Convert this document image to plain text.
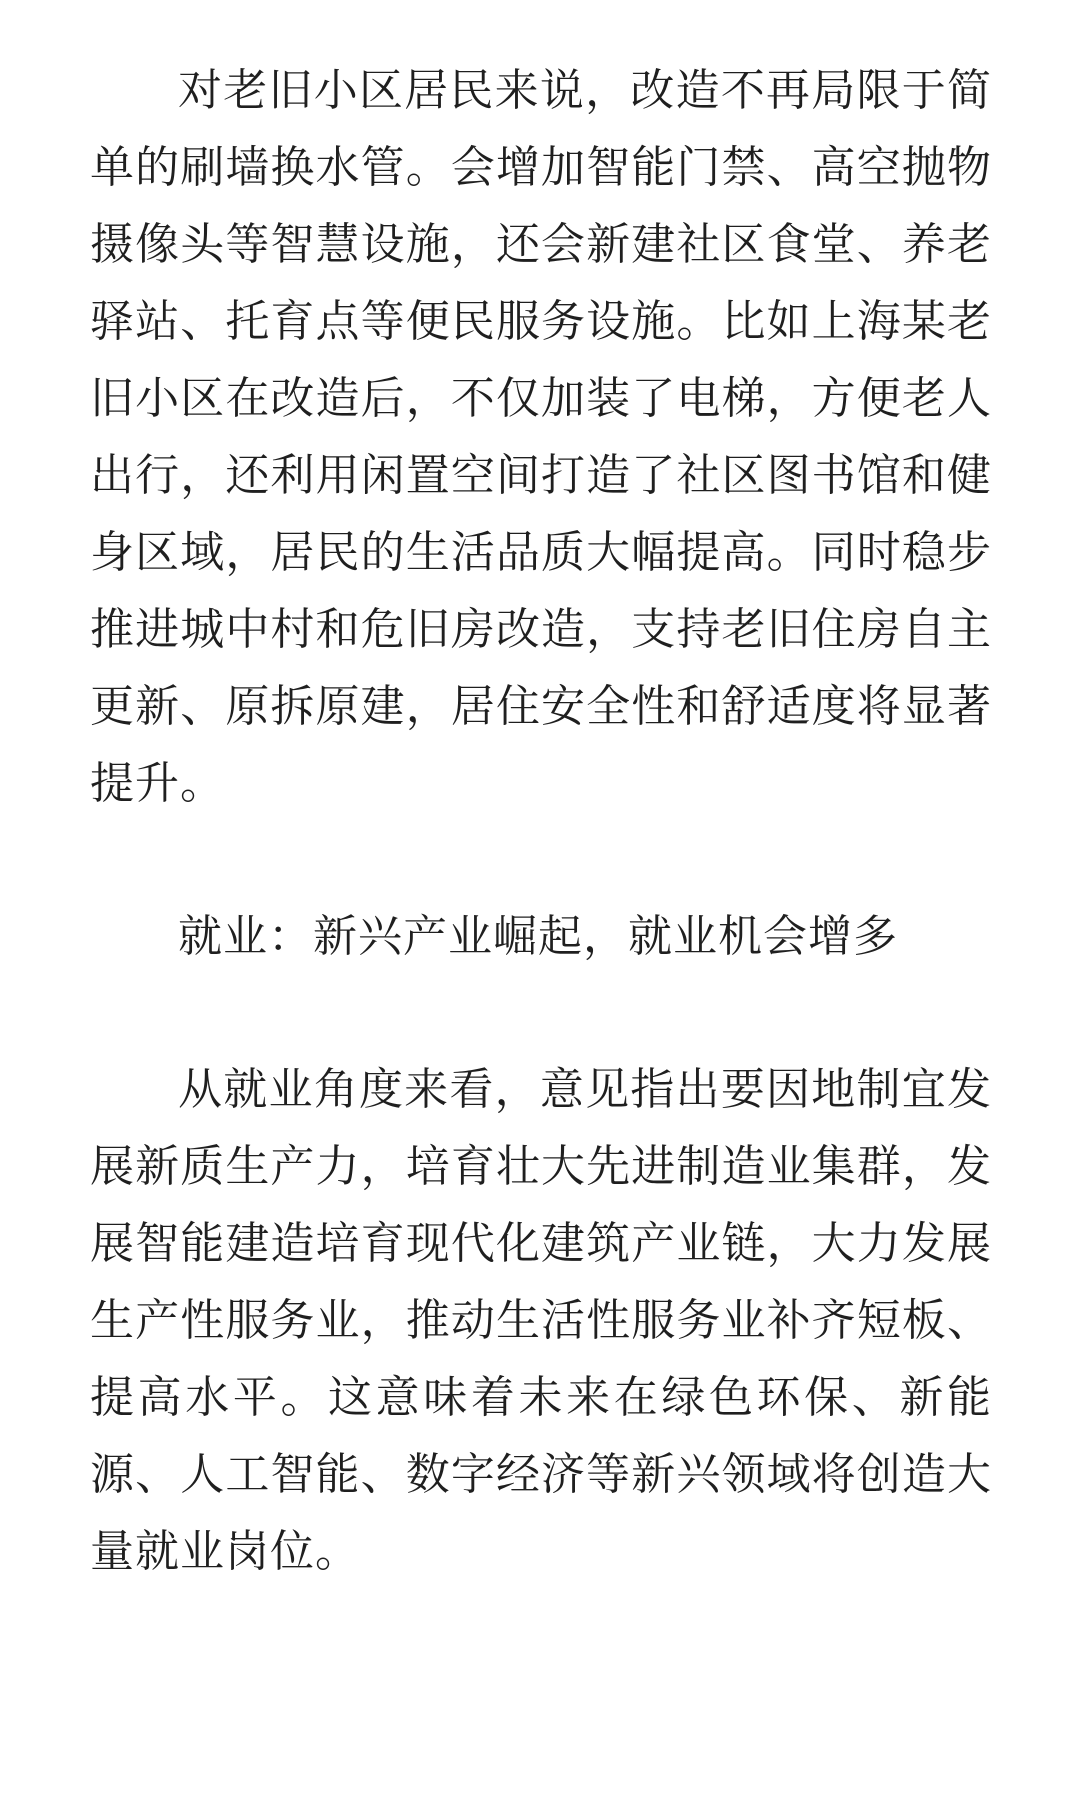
对老旧小区居民来说，改造不再局限于简单的刷墙换水管。会增加智能门禁、高空抛物摄像头等智慧设施，还会新建社区食堂、养老驿站、托育点等便民服务设施。比如上海某老旧小区在改造后，不仅加装了电梯，方便老人出行，还利用闲置空间打造了社区图书馆和健身区域，居民的生活品质大幅提高。同时稳步推进城中村和危旧房改造，支持老旧住房自主更新、原拆原建，居住安全性和舒适度将显著提升。

就业：新兴产业崛起，就业机会增多

从就业角度来看，意见指出要因地制宜发展新质生产力，培育壮大先进制造业集群，发展智能建造培育现代化建筑产业链，大力发展生产性服务业，推动生活性服务业补齐短板、提高水平。这意味着未来在绿色环保、新能源、人工智能、数字经济等新兴领域将创造大量就业岗位。
